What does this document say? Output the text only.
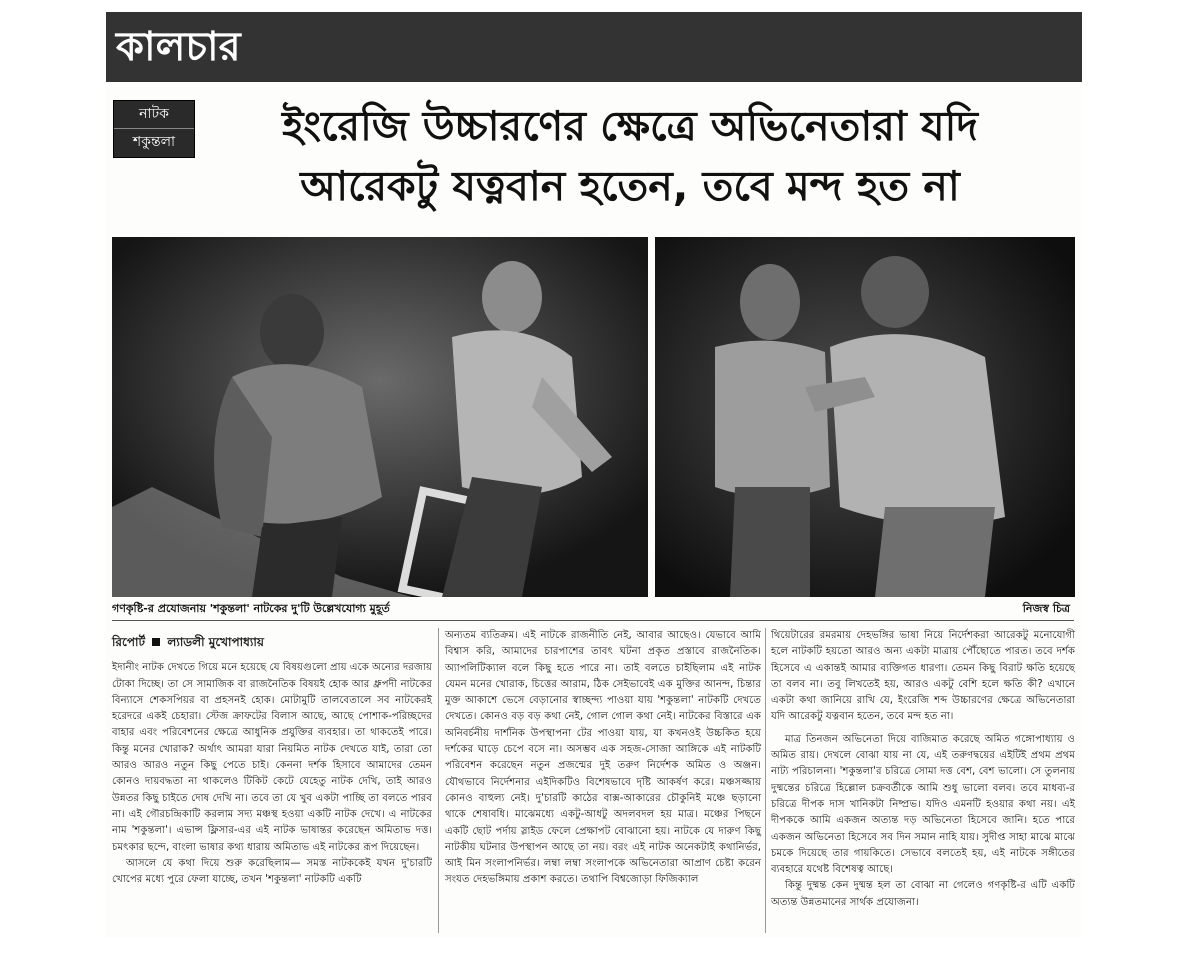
কালচার
নাটক
শকুন্তলা	ইংরেজি উচ্চারণের ক্ষেত্রে অভিনেতারা যদি
আরেকটু যত্নবান হতেন, তবে মন্দ হত না
গণকৃষ্টি-র প্রযোজনায় 'শকুন্তলা' নাটকের দু'টি উল্লেখযোগ্য মুহূর্ত	নিজস্ব চিত্র

রিপোর্ট ল্যাডলী মুখোপাধ্যায়

ইদানীং নাটক দেখতে গিয়ে মনে হয়েছে যে বিষয়গুলো প্রায় একে অন্যের দরজায় টোকা দিচ্ছে। তা সে সামাজিক বা রাজনৈতিক বিষয়ই হোক আর ধ্রুপদী নাটকের বিন্যাসে শেকসপিয়র বা প্রহসনই হোক। মোটামুটি তালবেতালে সব নাটকেরই হরেদরে একই চেহারা। স্টেজ ক্রাফটের বিলাস আছে, আছে পোশাক-পরিচ্ছদের বাহার এবং পরিবেশনের ক্ষেত্রে আধুনিক প্রযুক্তির ব্যবহার। তা থাকতেই পারে। কিন্তু মনের খোরাক? অর্থাৎ আমরা যারা নিয়মিত নাটক দেখতে যাই, তারা তো আরও আরও নতুন কিছু পেতে চাই। কেননা দর্শক হিসাবে আমাদের তেমন কোনও দায়বদ্ধতা না থাকলেও টিকিট কেটে যেহেতু নাটক দেখি, তাই আরও উন্নতর কিছু চাইতে দোষ দেখি না। তবে তা যে খুব একটা পাচ্ছি তা বলতে পারব না। এই গৌরচন্দ্রিকাটি করলাম সদ্য মঞ্চস্থ হওয়া একটি নাটক দেখে। এ নাটকের নাম 'শকুন্তলা'। এভান্স ফ্লিসার-এর এই নাটক ভাষান্তর করেছেন অমিতাভ দত্ত। চমৎকার ছন্দে, বাংলা ভাষার কথ্য ধারায় অমিতাভ এই নাটকের রূপ দিয়েছেন।

আসলে যে কথা দিয়ে শুরু করেছিলাম— সমস্ত নাটককেই যখন দু'চারটি খোপের মধ্যে পুরে ফেলা যাচ্ছে, তখন 'শকুন্তলা' নাটকটি একটি

অন্যতম ব্যতিক্রম। এই নাটকে রাজনীতি নেই, আবার আছেও। যেভাবে আমি বিশ্বাস করি, আমাদের চারপাশের তাবৎ ঘটনা প্রকৃত প্রস্তাবে রাজনৈতিক। অ্যাপলিটিক্যাল বলে কিছু হতে পারে না। তাই বলতে চাইছিলাম এই নাটক যেমন মনের খোরাক, চিত্তের আরাম, ঠিক সেইভাবেই এক মুক্তির আনন্দ, চিন্তার মুক্ত আকাশে ভেসে বেড়ানোর স্বাচ্ছন্দ্য পাওয়া যায় 'শকুন্তলা' নাটকটি দেখতে দেখতে। কোনও বড় বড় কথা নেই, গোল গোল কথা নেই। নাটকের বিস্তারে এক অনিবর্চনীয় দার্শনিক উপস্থাপনা টের পাওয়া যায়, যা কখনওই উচ্চকিত হয়ে দর্শকের ঘাড়ে চেপে বসে না। অসম্ভব এক সহজ-সোজা আঙ্গিকে এই নাটকটি পরিবেশন করেছেন নতুন প্রজন্মের দুই তরুণ নির্দেশক অমিত ও অঞ্জন। যৌথভাবে নির্দেশনার এইদিকটিও বিশেষভাবে দৃষ্টি আকর্ষণ করে। মঞ্চসজ্জায় কোনও বাহুল্য নেই। দু'চারটি কাঠের বাক্স-আকারের চৌকুনিই মঞ্চে ছড়ানো থাকে শেষাবধি। মাঝেমধ্যে একটু-আধটু অদলবদল হয় মাত্র। মঞ্চের পিছনে একটি ছোট পর্দায় স্লাইড ফেলে প্রেক্ষাপট বোঝানো হয়। নাটকে যে দারুণ কিছু নাটকীয় ঘটনার উপস্থাপন আছে তা নয়। বরং এই নাটক অনেকটাই কথানির্ভর, আই মিন সংলাপনির্ভর। লম্বা লম্বা সংলাপকে অভিনেতারা আপ্রাণ চেষ্টা করেন সংযত দেহভঙ্গিমায় প্রকাশ করতে। তথাপি বিশ্বজোড়া ফিজিক্যাল

থিয়েটারের রমরমায় দেহভঙ্গির ভাষা নিয়ে নির্দেশকরা আরেকটু মনোযোগী হলে নাটকটি হয়তো আরও অন্য একটা মাত্রায় পৌঁছোতে পারত। তবে দর্শক হিসেবে এ একান্তই আমার ব্যক্তিগত ধারণা। তেমন কিছু বিরাট ক্ষতি হয়েছে তা বলব না। তবু লিখতেই হয়, আরও একটু বেশি হলে ক্ষতি কী? এখানে একটা কথা জানিয়ে রাখি যে, ইংরেজি শব্দ উচ্চারণের ক্ষেত্রে অভিনেতারা যদি আরেকটু যত্নবান হতেন, তবে মন্দ হত না।

মাত্র তিনজন অভিনেতা দিয়ে বাজিমাত করেছে অমিত গঙ্গোপাধ্যায় ও অমিত রায়। দেখলে বোঝা যায় না যে, এই তরুণদ্বয়ের এইটিই প্রথম প্রথম নাট্য পরিচালনা। 'শকুন্তলা'র চরিত্রে সোমা দত্ত বেশ, বেশ ভালো। সে তুলনায় দুষ্মন্তের চরিত্রে হিল্লোল চক্রবর্তীকে আমি শুধু ভালো বলব। তবে মাধব্য-র চরিত্রে দীপক দাস খানিকটা নিষ্প্রভ। যদিও এমনটি হওয়ার কথা নয়। এই দীপককে আমি একজন অত্যন্ত দড় অভিনেতা হিসেবে জানি। হতে পারে একজন অভিনেতা হিসেবে সব দিন সমান নাহি যায়। সুদীপ্ত সাহা মাঝে মাঝে চমকে দিয়েছে তার গায়কিতে। সেভাবে বলতেই হয়, এই নাটকে সঙ্গীতের ব্যবহারে যথেষ্ট বিশেষত্ব আছে।

কিন্তু দুষ্মন্ত কেন দুষ্মন্ত হল তা বোঝা না গেলেও গণকৃষ্টি-র এটি একটি অত্যন্ত উন্নতমানের সার্থক প্রযোজনা।
